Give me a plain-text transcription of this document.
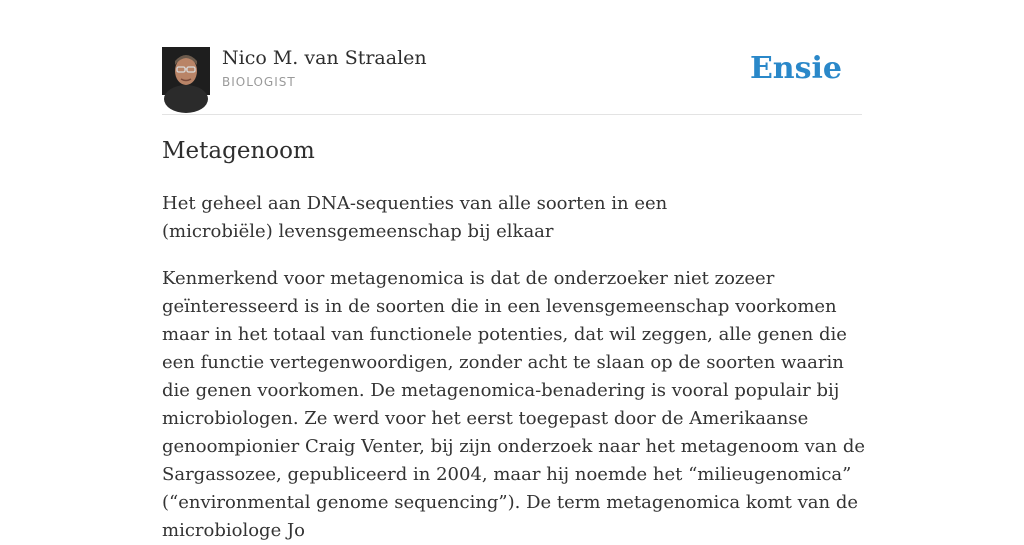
Nico M. van Straalen
BIOLOGIST	Ensie
Metagenoom

Het geheel aan DNA-sequenties van alle soorten in een (microbiële) levensgemeenschap bij elkaar

Kenmerkend voor metagenomica is dat de onderzoeker niet zozeer geïnteresseerd is in de soorten die in een levensgemeenschap voorkomen maar in het totaal van functionele potenties, dat wil zeggen, alle genen die een functie vertegenwoordigen, zonder acht te slaan op de soorten waarin die genen voorkomen. De metagenomica-benadering is vooral populair bij microbiologen. Ze werd voor het eerst toegepast door de Amerikaanse genoompionier Craig Venter, bij zijn onderzoek naar het metagenoom van de Sargassozee, gepubliceerd in 2004, maar hij noemde het “milieugenomica” (“environmental genome sequencing”). De term metagenomica komt van de microbiologe Jo
